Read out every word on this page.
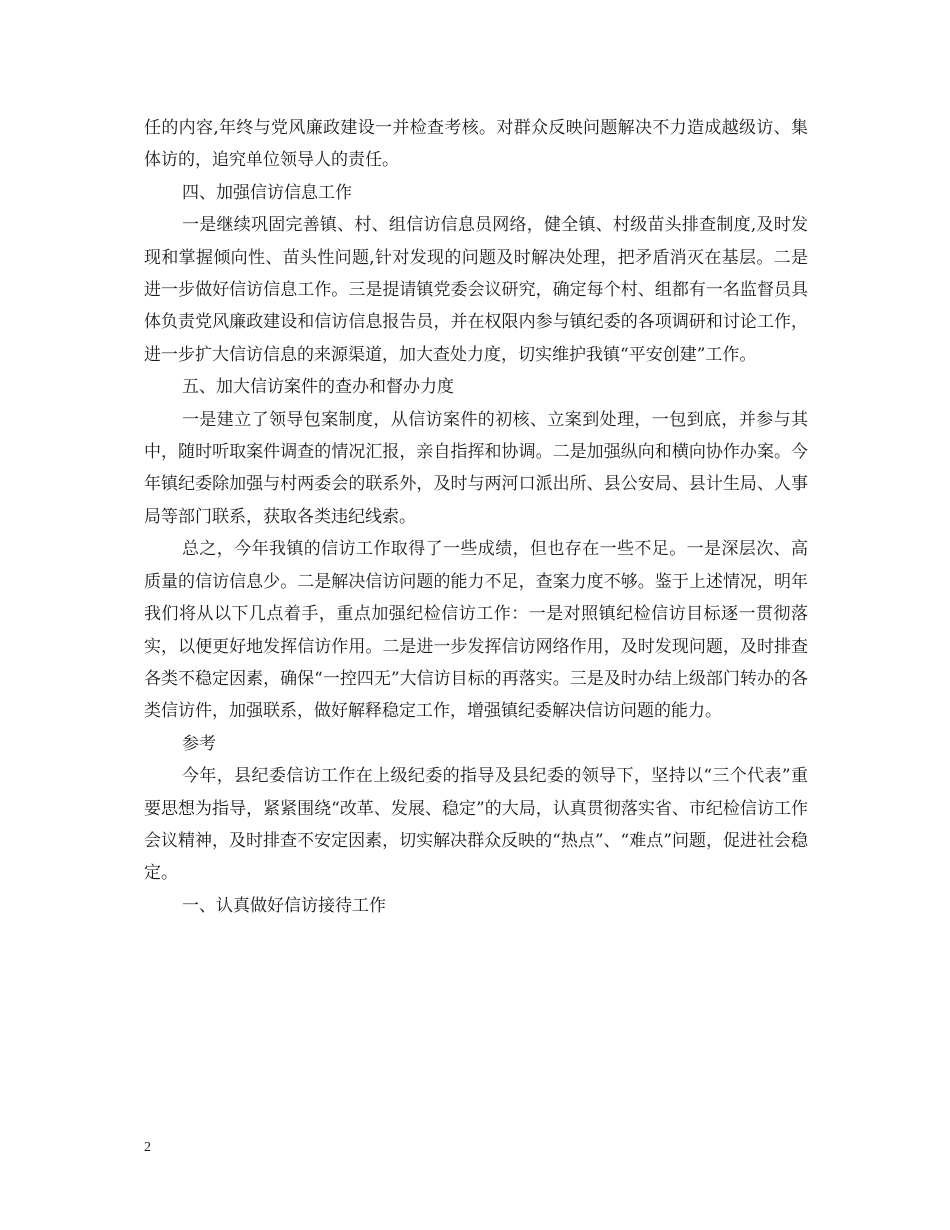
任的内容,年终与党风廉政建设一并检查考核。对群众反映问题解决不力造成越级访、集体访的，追究单位领导人的责任。

四、加强信访信息工作

一是继续巩固完善镇、村、组信访信息员网络，健全镇、村级苗头排查制度,及时发现和掌握倾向性、苗头性问题,针对发现的问题及时解决处理，把矛盾消灭在基层。二是进一步做好信访信息工作。三是提请镇党委会议研究，确定每个村、组都有一名监督员具体负责党风廉政建设和信访信息报告员，并在权限内参与镇纪委的各项调研和讨论工作，进一步扩大信访信息的来源渠道，加大查处力度，切实维护我镇“平安创建”工作。

五、加大信访案件的查办和督办力度

一是建立了领导包案制度，从信访案件的初核、立案到处理，一包到底，并参与其中，随时听取案件调查的情况汇报，亲自指挥和协调。二是加强纵向和横向协作办案。今年镇纪委除加强与村两委会的联系外，及时与两河口派出所、县公安局、县计生局、人事局等部门联系，获取各类违纪线索。

总之，今年我镇的信访工作取得了一些成绩，但也存在一些不足。一是深层次、高质量的信访信息少。二是解决信访问题的能力不足，查案力度不够。鉴于上述情况，明年我们将从以下几点着手，重点加强纪检信访工作：一是对照镇纪检信访目标逐一贯彻落实，以便更好地发挥信访作用。二是进一步发挥信访网络作用，及时发现问题，及时排查各类不稳定因素，确保“一控四无”大信访目标的再落实。三是及时办结上级部门转办的各类信访件，加强联系，做好解释稳定工作，增强镇纪委解决信访问题的能力。

参考

今年，县纪委信访工作在上级纪委的指导及县纪委的领导下，坚持以“三个代表”重要思想为指导，紧紧围绕“改革、发展、稳定”的大局，认真贯彻落实省、市纪检信访工作会议精神，及时排查不安定因素，切实解决群众反映的“热点”、“难点”问题，促进社会稳定。

一、认真做好信访接待工作

2
